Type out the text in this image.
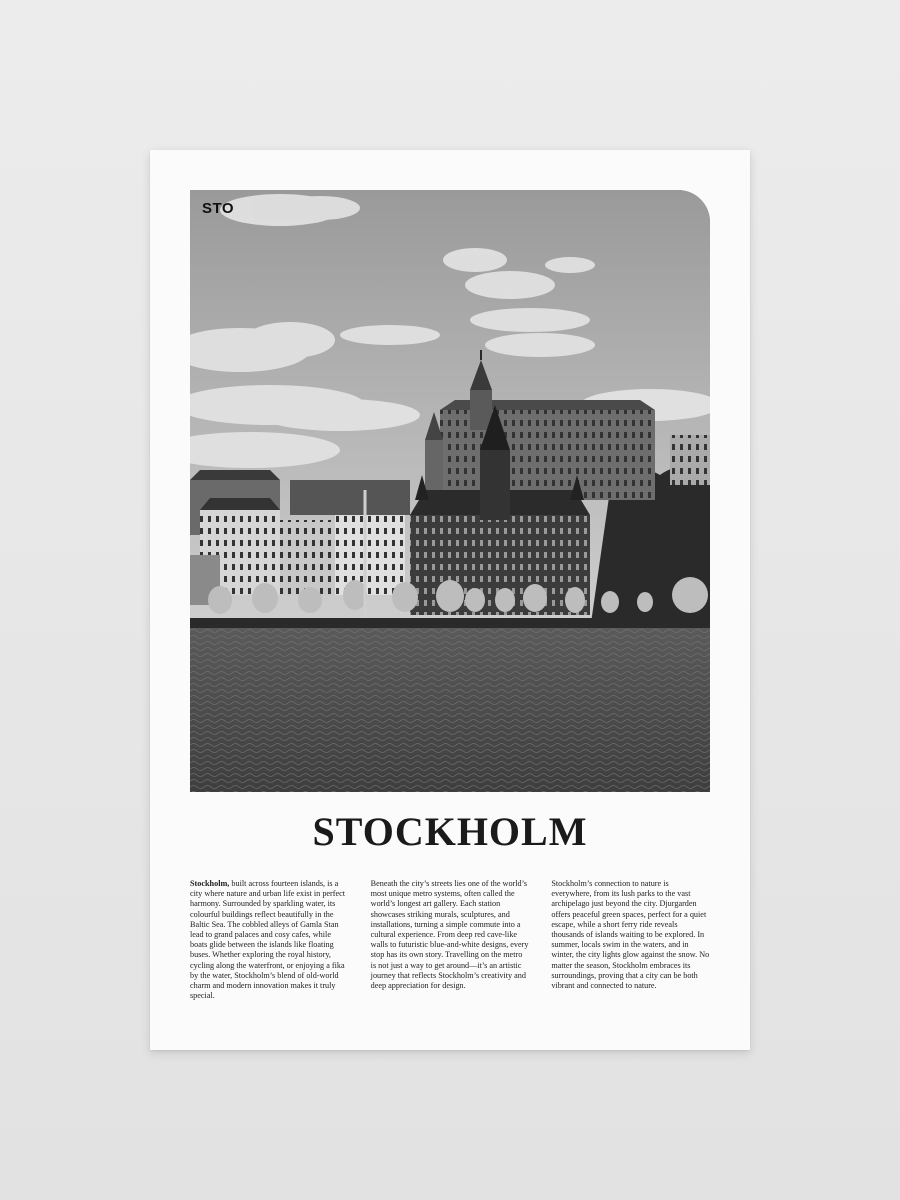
STO
STOCKHOLM
Stockholm, built across fourteen islands, is a city where nature and urban life exist in perfect harmony. Surrounded by sparkling water, its colourful buildings reflect beautifully in the Baltic Sea. The cobbled alleys of Gamla Stan lead to grand palaces and cosy cafes, while boats glide between the islands like floating buses. Whether exploring the royal history, cycling along the waterfront, or enjoying a fika by the water, Stockholm’s blend of old-world charm and modern innovation makes it truly special.
Beneath the city’s streets lies one of the world’s most unique metro systems, often called the world’s longest art gallery. Each station showcases striking murals, sculptures, and installations, turning a simple commute into a cultural experience. From deep red cave-like walls to futuristic blue-and-white designs, every stop has its own story. Travelling on the metro is not just a way to get around—it’s an artistic journey that reflects Stockholm’s creativity and deep appreciation for design.
Stockholm’s connection to nature is everywhere, from its lush parks to the vast archipelago just beyond the city. Djurgarden offers peaceful green spaces, perfect for a quiet escape, while a short ferry ride reveals thousands of islands waiting to be explored. In summer, locals swim in the waters, and in winter, the city lights glow against the snow. No matter the season, Stockholm embraces its surroundings, proving that a city can be both vibrant and connected to nature.
